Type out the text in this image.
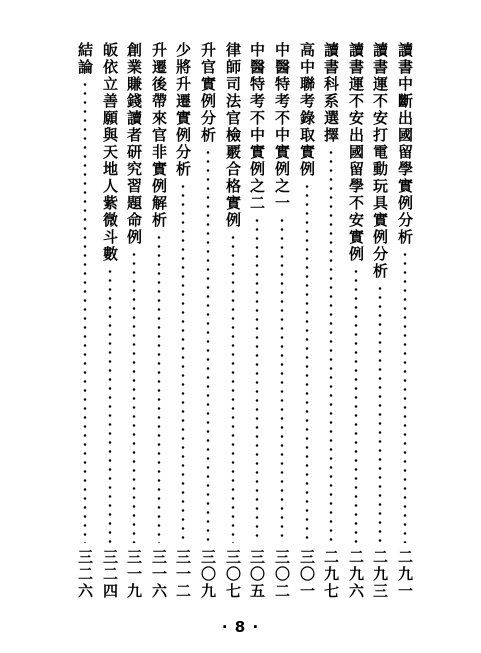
讀書中斷出國留學實例分析
二九一
讀書運不安打電動玩具實例分析
二九三
讀書運不安出國留學不安實例
二九六
讀書科系選擇
二九七
高中聯考錄取實例
三〇一
中醫特考不中實例之一
三〇二
中醫特考不中實例之二
三〇五
律師司法官檢覈合格實例
三〇七
升官實例分析
三〇九
少將升遷實例分析
三一二
升遷後帶來官非實例解析
三一六
創業賺錢讀者研究習題命例
三一九
皈依立善願與天地人紫微斗數
三二四
結論
三二六
· 8 ·
